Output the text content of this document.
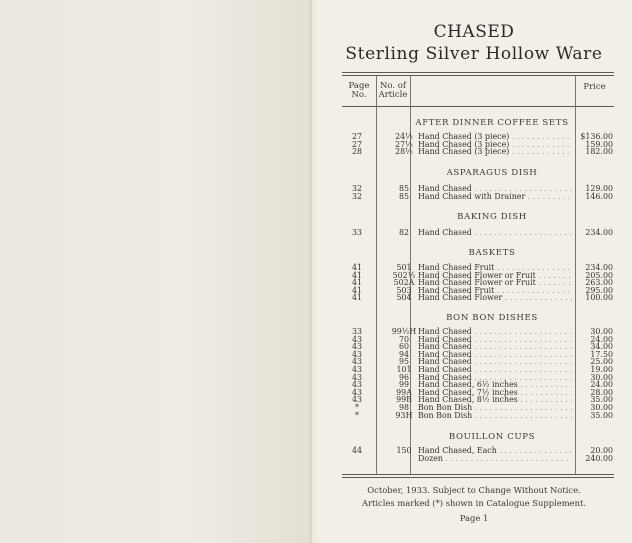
CHASED
Sterling Silver Hollow Ware
Page
No.
No. of
Article
Price
AFTER DINNER COFFEE SETS
27	24½ Hand Chased (3 piece) . . .	$136.00
27	27½ Hand Chased (3 piece) . . .	159.00
28	28½ Hand Chased (3 piece) . . .	182.00
ASPARAGUS DISH
32	85	Hand Chased . . .	129.00
32	85	Hand Chased with Drainer . . .	146.00
BAKING DISH
33	82	Hand Chased . . .	234.00
BASKETS
41	501 Hand Chased Fruit . . .	234.00
41	502½ Hand Chased Flower or Fruit . . .	205.00
41	502A Hand Chased Flower or Fruit . . .	263.00
41	503 Hand Chased Fruit . . .	295.00
41	504 Hand Chased Flower . . .	100.00
BON BON DISHES
33	99½H Hand Chased . . .	30.00
43	70	Hand Chased . . .	24.00
43	60	Hand Chased . . .	34.00
43	94	Hand Chased . . .	17.50
43	95	Hand Chased . . .	25.00
43	101 Hand Chased . . .	19.00
43	96	Hand Chased . . .	30.00
43	99	Hand Chased, 6½ inches . . .	24.00
43	99A Hand Chased, 7½ inches . . .	28.00
43	99B Hand Chased, 8½ inches . . .	35.00
*	98	Bon Bon Dish . . .	30.00
*	93H Bon Bon Dish . . .	35.00
BOUILLON CUPS
44	150 Hand Chased, Each . . .	20.00
Dozen . . .	240.00
October, 1933. Subject to Change Without Notice.
Articles marked (*) shown in Catalogue Supplement.
Page 1
